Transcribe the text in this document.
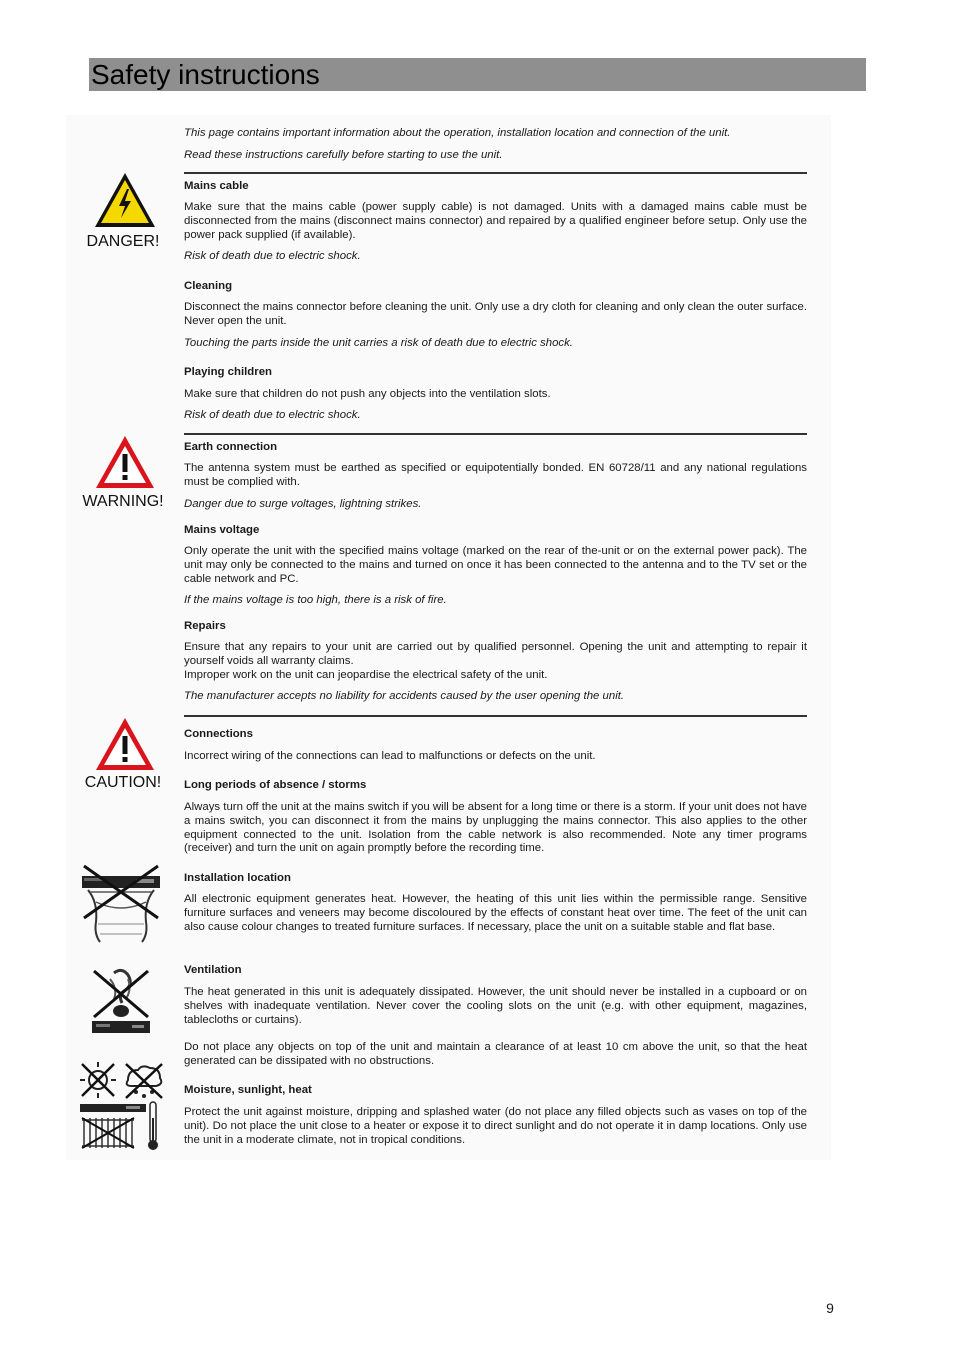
Safety instructions
This page contains important information about the operation, installation location and connection of the unit.
Read these instructions carefully before starting to use the unit.
DANGER!
Mains cable
Make sure that the mains cable (power supply cable) is not damaged. Units with a damaged mains cable must be disconnected from the mains (disconnect mains connector) and repaired by a qualified engineer before setup. Only use the power pack supplied (if available).
Risk of death due to electric shock.
Cleaning
Disconnect the mains connector before cleaning the unit. Only use a dry cloth for cleaning and only clean the outer surface. Never open the unit.
Touching the parts inside the unit carries a risk of death due to electric shock.
Playing children
Make sure that children do not push any objects into the ventilation slots.
Risk of death due to electric shock.
WARNING!
Earth connection
The antenna system must be earthed as specified or equipotentially bonded. EN 60728/11 and any national regulations must be complied with.
Danger due to surge voltages, lightning strikes.
Mains voltage
Only operate the unit with the specified mains voltage (marked on the rear of the-unit or on the external power pack). The unit may only be connected to the mains and turned on once it has been connected to the antenna and to the TV set or the cable network and PC.
If the mains voltage is too high, there is a risk of fire.
Repairs
Ensure that any repairs to your unit are carried out by qualified personnel. Opening the unit and attempting to repair it yourself voids all warranty claims.
Improper work on the unit can jeopardise the electrical safety of the unit.
The manufacturer accepts no liability for accidents caused by the user opening the unit.
CAUTION!
Connections
Incorrect wiring of the connections can lead to malfunctions or defects on the unit.
Long periods of absence / storms
Always turn off the unit at the mains switch if you will be absent for a long time or there is a storm. If your unit does not have a mains switch, you can disconnect it from the mains by unplugging the mains connector. This also applies to the other equipment connected to the unit. Isolation from the cable network is also recommended. Note any timer programs (receiver) and turn the unit on again promptly before the recording time.
Installation location
All electronic equipment generates heat. However, the heating of this unit lies within the permissible range. Sensitive furniture surfaces and veneers may become discoloured by the effects of constant heat over time. The feet of the unit can also cause colour changes to treated furniture surfaces. If necessary, place the unit on a suitable stable and flat base.
Ventilation
The heat generated in this unit is adequately dissipated. However, the unit should never be installed in a cupboard or on shelves with inadequate ventilation. Never cover the cooling slots on the unit (e.g. with other equipment, magazines, tablecloths or curtains).
Do not place any objects on top of the unit and maintain a clearance of at least 10 cm above the unit, so that the heat generated can be dissipated with no obstructions.
Moisture, sunlight, heat
Protect the unit against moisture, dripping and splashed water (do not place any filled objects such as vases on top of the unit). Do not place the unit close to a heater or expose it to direct sunlight and do not operate it in damp locations. Only use the unit in a moderate climate, not in tropical conditions.
9
